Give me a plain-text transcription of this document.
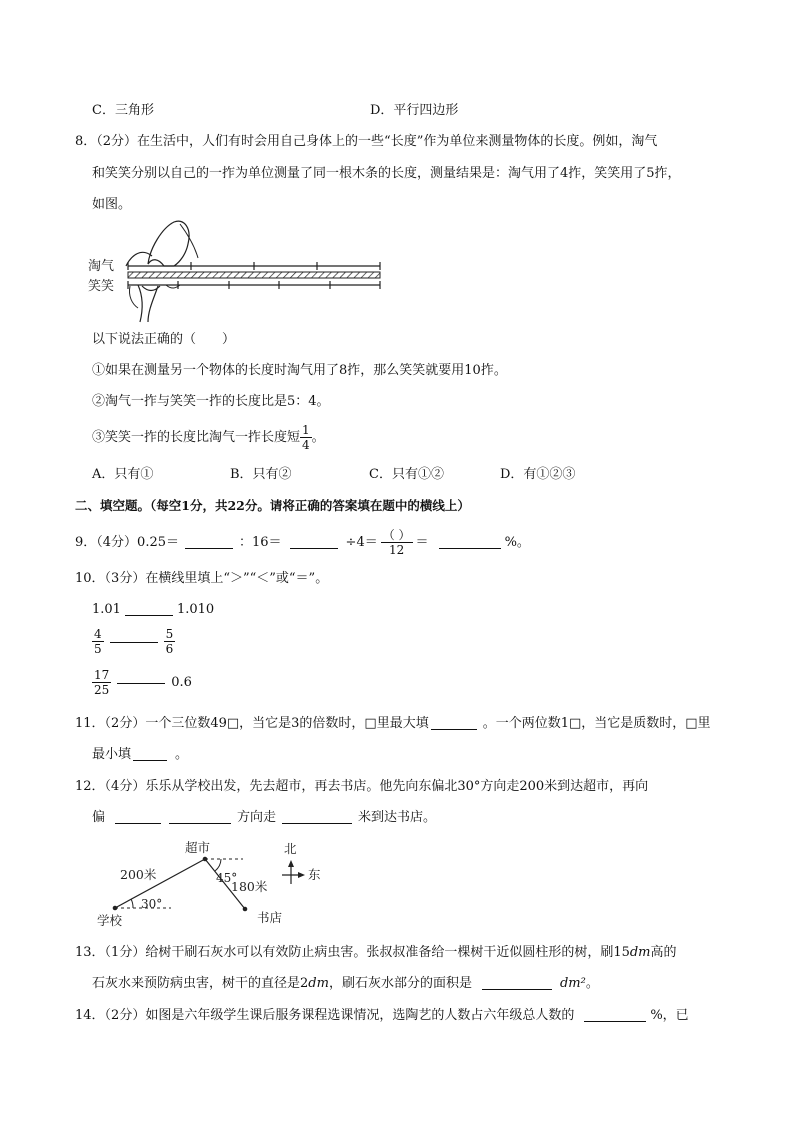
C．三角形	D．平行四边形
8．（2分）在生活中，人们有时会用自己身体上的一些“长度”作为单位来测量物体的长度。例如，淘气
和笑笑分别以自己的一拃为单位测量了同一根木条的长度，测量结果是：淘气用了4拃，笑笑用了5拃，
如图。
淘气
笑笑
以下说法正确的（　　）
①如果在测量另一个物体的长度时淘气用了8拃，那么笑笑就要用10拃。
②淘气一拃与笑笑一拃的长度比是5：4。
③笑笑一拃的长度比淘气一拃长度短 $\frac{1}{4}$ 。
A．只有①	B．只有②	C．只有①②	D．有①②③
二、填空题。（每空1分，共22分。请将正确的答案填在题中的横线上）
9．（4分）0.25＝	：16＝	$\div 4= \frac{( )}{12}$ ＝	%。
10．（3分）在横线里填上“＞”“＜”或“＝”。
1.01	1.010
$\frac{4}{5}$	$\frac{5}{6}$
$\frac{17}{25}$	0.6
11．（2分）一个三位数49□，当它是3的倍数时，□里最大填	。一个两位数1□，当它是质数时，□里
最小填	。
12．（4分）乐乐从学校出发，先去超市，再去书店。他先向东偏北30°方向走200米到达超市，再向
偏	方向走	米到达书店。
超市
200米
30°
45°
180米
学校	书店
北
东
13．（1分）给树干刷石灰水可以有效防止病虫害。张叔叔准备给一棵树干近似圆柱形的树，刷15dm高的
石灰水来预防病虫害，树干的直径是2 dm ，刷石灰水部分的面积是	dm² 。
14．（2分）如图是六年级学生课后服务课程选课情况，选陶艺的人数占六年级总人数的	%，已
